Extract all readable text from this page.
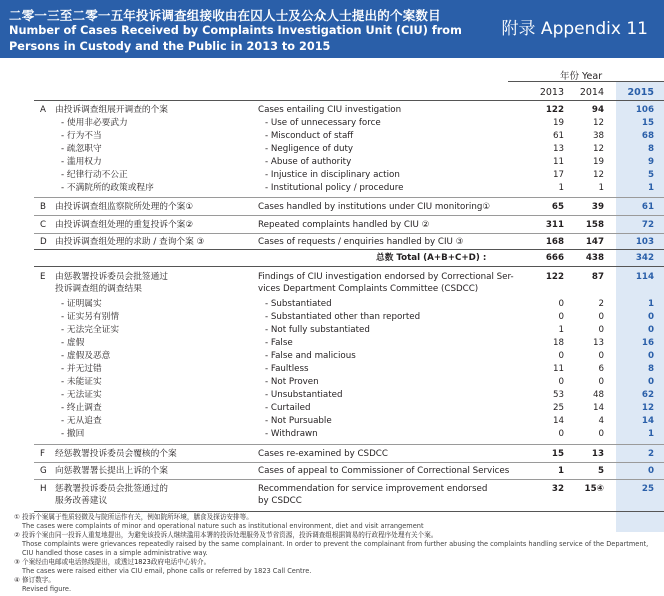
二零一三至二零一五年投诉调查组接收由在囚人士及公众人士提出的个案数目
Number of Cases Received by Complaints Investigation Unit (CIU) from
Persons in Custody and the Public in 2013 to 2015
附录 Appendix 11
年份 Year
2013	2014	2015
A 由投诉调查组展开调查的个案	Cases entailing CIU investigation	122	94	106
- 使用非必要武力	- Use of unnecessary force	19	12	15
- 行为不当	- Misconduct of staff	61	38	68
- 疏忽职守	- Negligence of duty	13	12	8
- 滥用权力	- Abuse of authority	11	19	9
- 纪律行动不公正	- Injustice in disciplinary action	17	12	5
- 不满院所的政策或程序	- Institutional policy / procedure	1	1	1
B 由投诉调查组监察院所处理的个案①	Cases handled by institutions under CIU monitoring①	65	39	61
C 由投诉调查组处理的重复投诉个案②	Repeated complaints handled by CIU ②	311	158	72
D 由投诉调查组处理的求助 / 查询个案 ③	Cases of requests / enquiries handled by CIU ③	168	147	103
总数 Total (A+B+C+D) :	666	438	342
E 由惩教署投诉委员会批签通过
投诉调查组的调查结果
Findings of CIU investigation endorsed by Correctional Ser-
vices Department Complaints Committee (CSDCC)
122	87	114
- 证明属实	- Substantiated	0	2	1
- 证实另有别情	- Substantiated other than reported	0	0	0
- 无法完全证实	- Not fully substantiated	1	0	0
- 虚假	- False	18	13	16
- 虚假及恶意	- False and malicious	0	0	0
- 并无过错	- Faultless	11	6	8
- 未能证实	- Not Proven	0	0	0
- 无法证实	- Unsubstantiated	53	48	62
- 终止调查	- Curtailed	25	14	12
- 无从追查	- Not Pursuable	14	4	14
- 撤回	- Withdrawn	0	0	1
F 经惩教署投诉委员会覆核的个案	Cases re-examined by CSDCC	15	13	2
G 向惩教署署长提出上诉的个案	Cases of appeal to Commissioner of Correctional Services	1	5	0
H 惩教署投诉委员会批签通过的
服务改善建议
Recommendation for service improvement endorsed
by CSDCC
32	15④	25
① 投诉个案属于性质轻微及与院所运作有关，例如院所环境，膳食及探访安排等。
The cases were complaints of minor and operational nature such as institutional environment, diet and visit arrangement
② 投诉个案由同一投诉人重复地提出，为避免该投诉人继续滥用本署的投诉处理服务及节省资源，投诉调查组根据简易的行政程序处理有关个案。
Those complaints were grievances repeatedly raised by the same complainant. In order to prevent the complainant from further abusing the complaints handling service of the Department,
CIU handled those cases in a simple administrative way.
③ 个案经由电邮或电话热线提出，或透过1823政府电话中心转介。
The cases were raised either via CIU email, phone calls or referred by 1823 Call Centre.
④ 修订数字。
Revised figure.
